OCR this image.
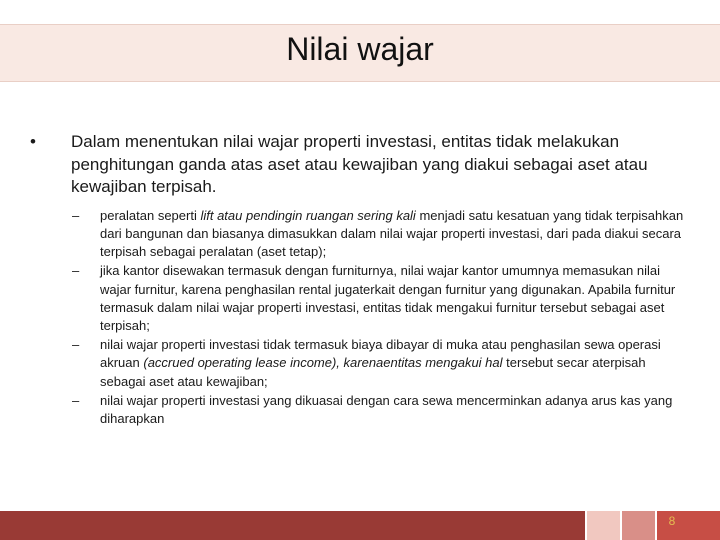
Nilai wajar
•	Dalam menentukan nilai wajar properti investasi, entitas tidak melakukan penghitungan ganda atas aset atau kewajiban yang diakui sebagai aset atau kewajiban terpisah.
–	peralatan seperti lift atau pendingin ruangan sering kali menjadi satu kesatuan yang tidak terpisahkan dari bangunan dan biasanya dimasukkan dalam nilai wajar properti investasi, dari pada diakui secara terpisah sebagai peralatan (aset tetap);
–	jika kantor disewakan termasuk dengan furniturnya, nilai wajar kantor umumnya memasukan nilai wajar furnitur, karena penghasilan rental jugaterkait dengan furnitur yang digunakan. Apabila furnitur termasuk dalam nilai wajar properti investasi, entitas tidak mengakui furnitur tersebut sebagai aset terpisah;
–	nilai wajar properti investasi tidak termasuk biaya dibayar di muka atau penghasilan sewa operasi akruan (accrued operating lease income), karenaentitas mengakui hal tersebut secar aterpisah sebagai aset atau kewajiban;
–	nilai wajar properti investasi yang dikuasai dengan cara sewa mencerminkan adanya arus kas yang diharapkan
8
